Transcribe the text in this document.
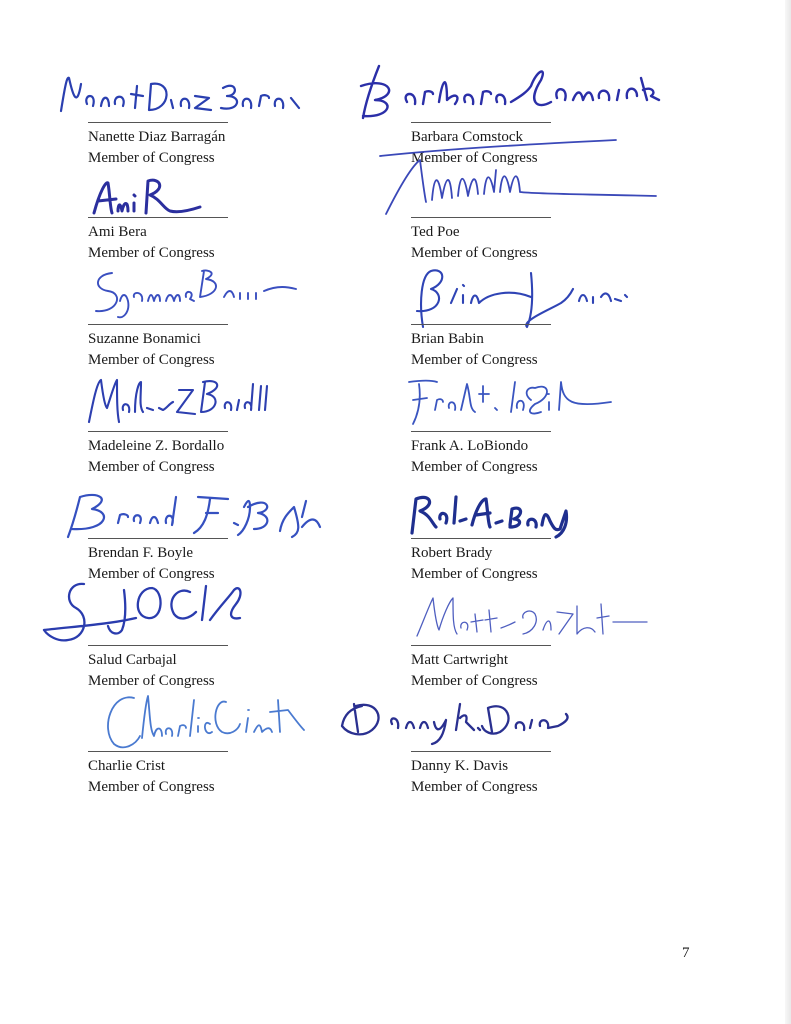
Nanette Diaz Barragán
Member of Congress
Barbara Comstock
Member of Congress
Ami Bera
Member of Congress
Ted Poe
Member of Congress
Suzanne Bonamici
Member of Congress
Brian Babin
Member of Congress
Madeleine Z. Bordallo
Member of Congress
Frank A. LoBiondo
Member of Congress
Brendan F. Boyle
Member of Congress
Robert Brady
Member of Congress
Salud Carbajal
Member of Congress
Matt Cartwright
Member of Congress
Charlie Crist
Member of Congress
Danny K. Davis
Member of Congress
7
